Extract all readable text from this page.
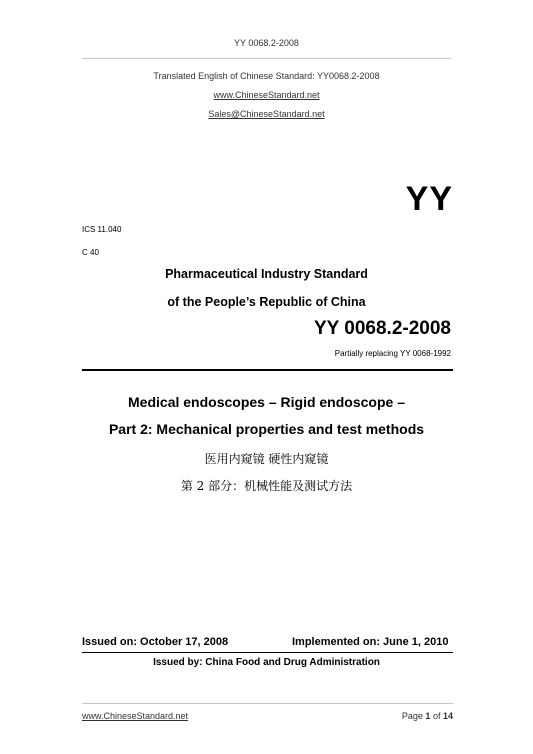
YY 0068.2-2008
Translated English of Chinese Standard: YY0068.2-2008
www.ChineseStandard.net
Sales@ChineseStandard.net
YY
ICS 11.040
C 40
Pharmaceutical Industry Standard
of the People’s Republic of China
YY 0068.2-2008
Partially replacing YY 0068-1992
Medical endoscopes – Rigid endoscope –
Part 2: Mechanical properties and test methods
医用内窥镜 硬性内窥镜
第 2 部分：机械性能及测试方法
Issued on: October 17, 2008	Implemented on: June 1, 2010
Issued by: China Food and Drug Administration
www.ChineseStandard.net	Page 1 of 14
